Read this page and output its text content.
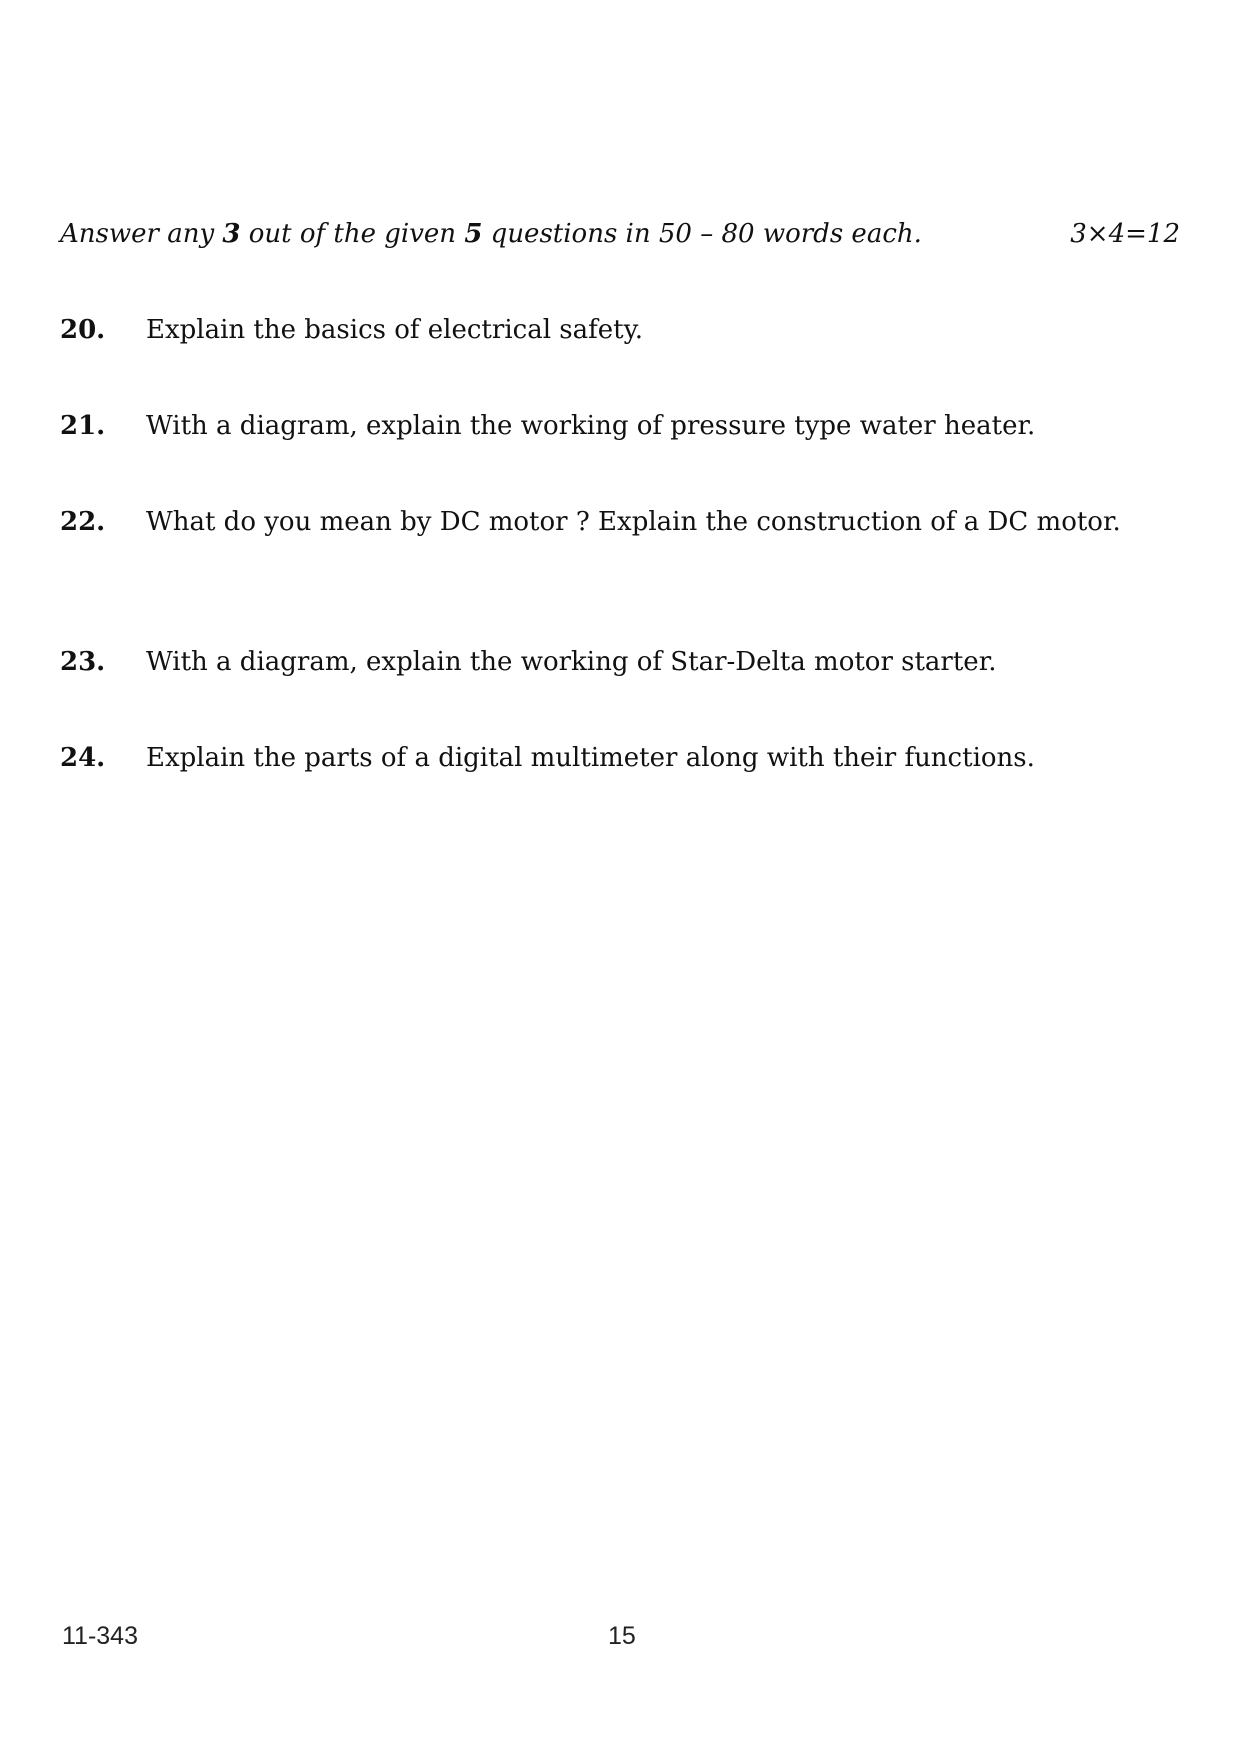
Answer any 3 out of the given 5 questions in 50 – 80 words each.	3×4=12
20. Explain the basics of electrical safety.
21. With a diagram, explain the working of pressure type water heater.
22. What do you mean by DC motor ? Explain the construction of a DC motor.
23. With a diagram, explain the working of Star-Delta motor starter.
24. Explain the parts of a digital multimeter along with their functions.
11-343	15
